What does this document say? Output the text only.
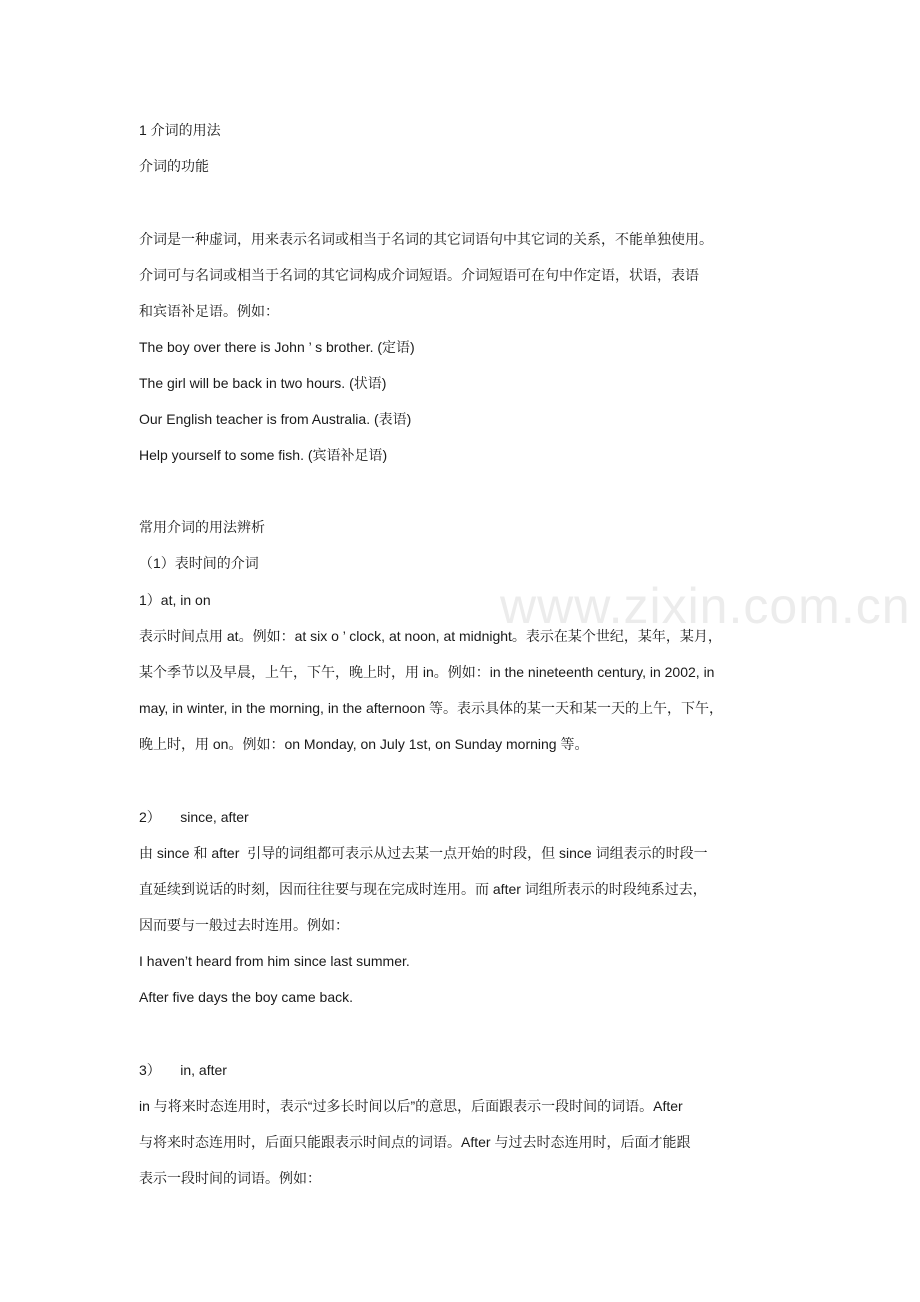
www.zixin.com.cn
1 介词的用法
介词的功能
介词是一种虚词，用来表示名词或相当于名词的其它词语句中其它词的关系，不能单独使用。
介词可与名词或相当于名词的其它词构成介词短语。介词短语可在句中作定语，状语，表语
和宾语补足语。例如：
The boy over there is John ’ s brother. (定语)
The girl will be back in two hours. (状语)
Our English teacher is from Australia. (表语)
Help yourself to some fish. (宾语补足语)
常用介词的用法辨析
（1）表时间的介词
1）at, in on
表示时间点用 at。例如：at six o ’ clock, at noon, at midnight。表示在某个世纪，某年，某月，
某个季节以及早晨，上午，下午，晚上时，用 in。例如：in the nineteenth century, in 2002, in
may, in winter, in the morning, in the afternoon 等。表示具体的某一天和某一天的上午，下午，
晚上时，用 on。例如：on Monday, on July 1st, on Sunday morning 等。
2）     since, after
由 since 和 after  引导的词组都可表示从过去某一点开始的时段，但 since 词组表示的时段一
直延续到说话的时刻，因而往往要与现在完成时连用。而 after 词组所表示的时段纯系过去，
因而要与一般过去时连用。例如：
I haven’t heard from him since last summer.
After five days the boy came back.
3）     in, after
in 与将来时态连用时，表示“过多长时间以后”的意思，后面跟表示一段时间的词语。After
与将来时态连用时，后面只能跟表示时间点的词语。After 与过去时态连用时，后面才能跟
表示一段时间的词语。例如：
